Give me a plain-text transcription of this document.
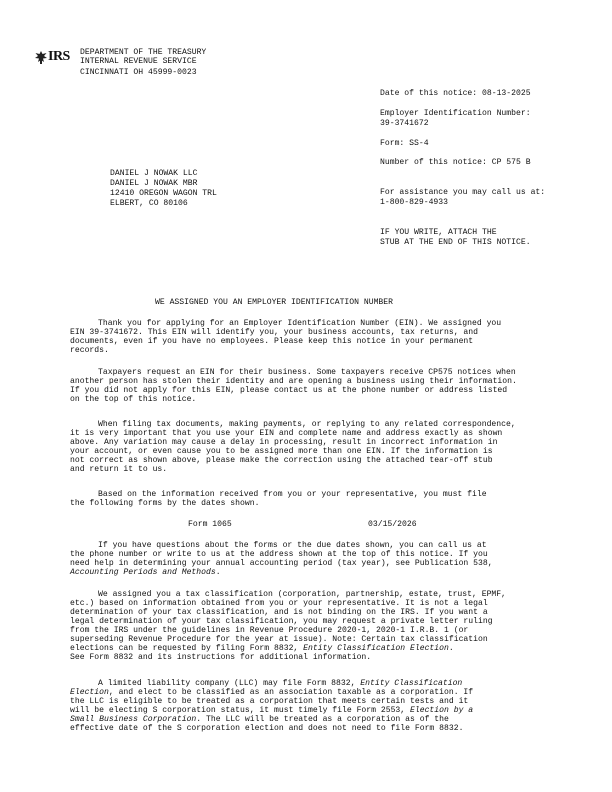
IRS DEPARTMENT OF THE TREASURY
INTERNAL REVENUE SERVICE
CINCINNATI OH 45999-0023
Date of this notice: 08-13-2025
Employer Identification Number:
39-3741672
Form: SS-4
Number of this notice: CP 575 B
For assistance you may call us at:
1-800-829-4933
IF YOU WRITE, ATTACH THE
STUB AT THE END OF THIS NOTICE.
DANIEL J NOWAK LLC
DANIEL J NOWAK MBR
12410 OREGON WAGON TRL
ELBERT, CO 80106
WE ASSIGNED YOU AN EMPLOYER IDENTIFICATION NUMBER
Thank you for applying for an Employer Identification Number (EIN). We assigned you
EIN 39-3741672. This EIN will identify you, your business accounts, tax returns, and
documents, even if you have no employees. Please keep this notice in your permanent
records.
Taxpayers request an EIN for their business. Some taxpayers receive CP575 notices when
another person has stolen their identity and are opening a business using their information.
If you did not apply for this EIN, please contact us at the phone number or address listed
on the top of this notice.
When filing tax documents, making payments, or replying to any related correspondence,
it is very important that you use your EIN and complete name and address exactly as shown
above. Any variation may cause a delay in processing, result in incorrect information in
your account, or even cause you to be assigned more than one EIN. If the information is
not correct as shown above, please make the correction using the attached tear-off stub
and return it to us.
Based on the information received from you or your representative, you must file
the following forms by the dates shown.
Form 1065	03/15/2026
If you have questions about the forms or the due dates shown, you can call us at
the phone number or write to us at the address shown at the top of this notice. If you
need help in determining your annual accounting period (tax year), see Publication 538,
Accounting Periods and Methods.
We assigned you a tax classification (corporation, partnership, estate, trust, EPMF,
etc.) based on information obtained from you or your representative. It is not a legal
determination of your tax classification, and is not binding on the IRS. If you want a
legal determination of your tax classification, you may request a private letter ruling
from the IRS under the guidelines in Revenue Procedure 2020-1, 2020-1 I.R.B. 1 (or
superseding Revenue Procedure for the year at issue). Note: Certain tax classification
elections can be requested by filing Form 8832, Entity Classification Election.
See Form 8832 and its instructions for additional information.
A limited liability company (LLC) may file Form 8832, Entity Classification
Election, and elect to be classified as an association taxable as a corporation. If
the LLC is eligible to be treated as a corporation that meets certain tests and it
will be electing S corporation status, it must timely file Form 2553, Election by a
Small Business Corporation. The LLC will be treated as a corporation as of the
effective date of the S corporation election and does not need to file Form 8832.
